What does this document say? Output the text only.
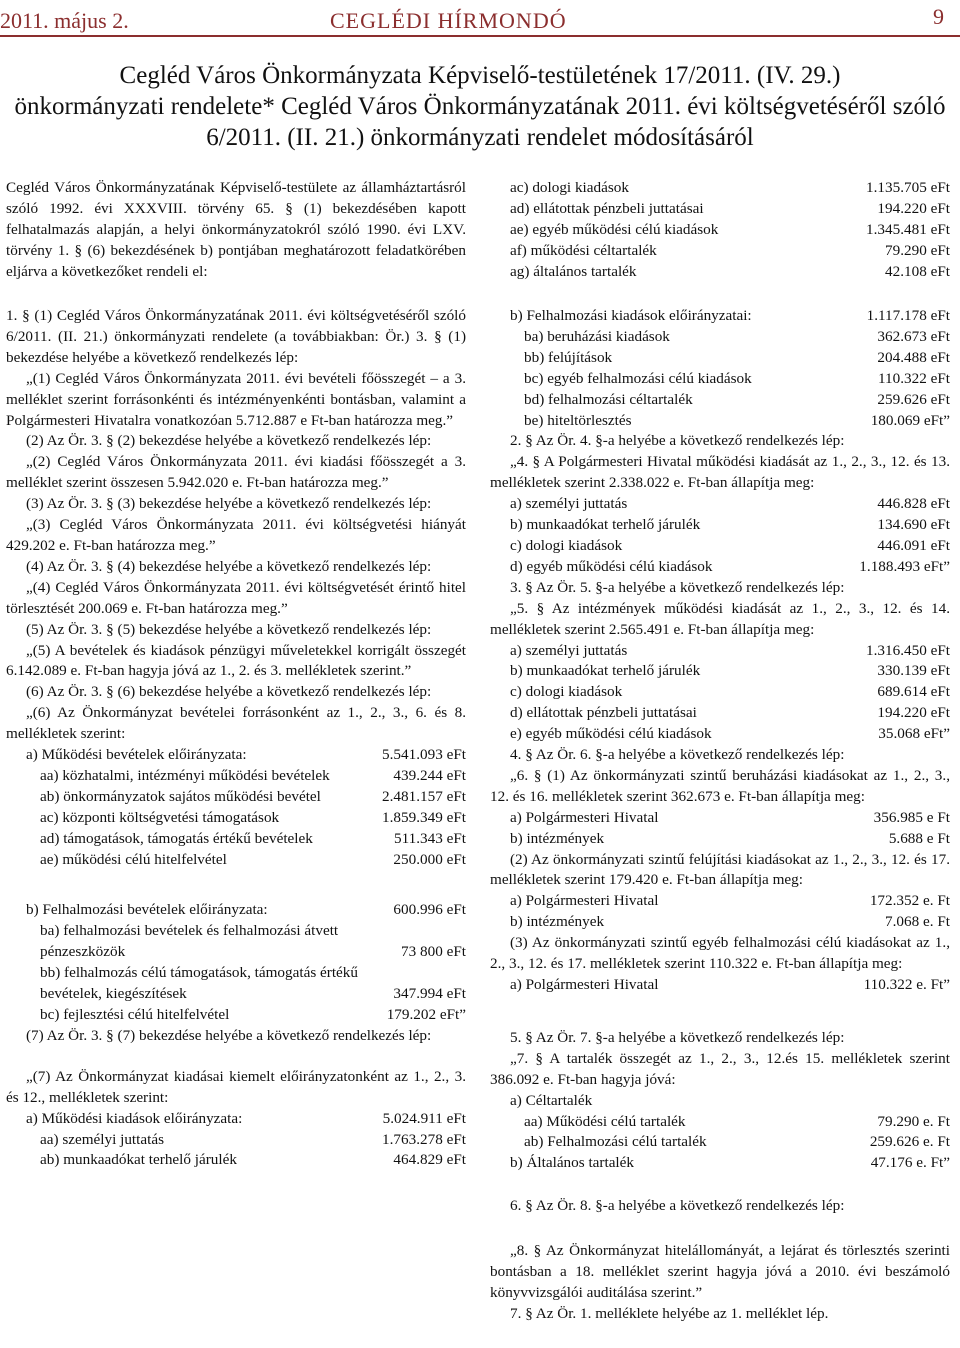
2011. május 2.	CEGLÉDI HÍRMONDÓ	9
Cegléd Város Önkormányzata Képviselő-testületének 17/2011. (IV. 29.)
önkormányzati rendelete* Cegléd Város Önkormányzatának 2011. évi költségvetéséről szóló
6/2011. (II. 21.) önkormányzati rendelet módosításáról
Cegléd Város Önkormányzatának Képviselő-testülete az államháztartásról szóló 1992. évi XXXVIII. törvény 65. § (1) bekezdésében kapott felhatalmazás alapján, a helyi önkormányzatokról szóló 1990. évi LXV. törvény 1. § (6) bekezdésének b) pontjában meghatározott feladatkörében eljárva a következőket rendeli el:
ac) dologi kiadások	1.135.705 eFt
ad) ellátottak pénzbeli juttatásai	194.220 eFt
ae) egyéb működési célú kiadások	1.345.481 eFt
af) működési céltartalék	79.290 eFt
ag) általános tartalék	42.108 eFt

1. § (1) Cegléd Város Önkormányzatának 2011. évi költségvetéséről szóló 6/2011. (II. 21.) önkormányzati rendelete (a továbbiakban: Ör.) 3. § (1) bekezdése helyébe a következő rendelkezés lép:

„(1) Cegléd Város Önkormányzata 2011. évi bevételi főösszegét – a 3. melléklet szerint forrásonkénti és intézményenkénti bontásban, valamint a Polgármesteri Hivatalra vonatkozóan 5.712.887 e Ft-ban határozza meg.”

(2) Az Ör. 3. § (2) bekezdése helyébe a következő rendelkezés lép:

„(2) Cegléd Város Önkormányzata 2011. évi kiadási főösszegét a 3. melléklet szerint összesen 5.942.020 e. Ft-ban határozza meg.”

(3) Az Ör. 3. § (3) bekezdése helyébe a következő rendelkezés lép:

„(3) Cegléd Város Önkormányzata 2011. évi költségvetési hiányát 429.202 e. Ft-ban határozza meg.”

(4) Az Ör. 3. § (4) bekezdése helyébe a következő rendelkezés lép:

„(4) Cegléd Város Önkormányzata 2011. évi költségvetését érintő hitel törlesztését 200.069 e. Ft-ban határozza meg.”

(5) Az Ör. 3. § (5) bekezdése helyébe a következő rendelkezés lép:

„(5) A bevételek és kiadások pénzügyi műveletekkel korrigált összegét 6.142.089 e. Ft-ban hagyja jóvá az 1., 2. és 3. mellékletek szerint.”

(6) Az Ör. 3. § (6) bekezdése helyébe a következő rendelkezés lép:

„(6) Az Önkormányzat bevételei forrásonként az 1., 2., 3., 6. és 8. mellékletek szerint:

a) Működési bevételek előirányzata:	5.541.093 eFt
aa) közhatalmi, intézményi működési bevételek	439.244 eFt
ab) önkormányzatok sajátos működési bevétel	2.481.157 eFt
ac) központi költségvetési támogatások	1.859.349 eFt
ad) támogatások, támogatás értékű bevételek	511.343 eFt
ae) működési célú hitelfelvétel	250.000 eFt
b) Felhalmozási bevételek előirányzata:	600.996 eFt
ba) felhalmozási bevételek és felhalmozási átvett
pénzeszközök	73 800 eFt
bb) felhalmozás célú támogatások, támogatás értékű
bevételek, kiegészítések	347.994 eFt
bc) fejlesztési célú hitelfelvétel	179.202 eFt”

(7) Az Ör. 3. § (7) bekezdése helyébe a következő rendelkezés lép:

„(7) Az Önkormányzat kiadásai kiemelt előirányzatonként az 1., 2., 3. és 12., mellékletek szerint:

a) Működési kiadások előirányzata:	5.024.911 eFt
aa) személyi juttatás	1.763.278 eFt
ab) munkaadókat terhelő járulék	464.829 eFt
b) Felhalmozási kiadások előirányzatai:	1.117.178 eFt
ba) beruházási kiadások	362.673 eFt
bb) felújítások	204.488 eFt
bc) egyéb felhalmozási célú kiadások	110.322 eFt
bd) felhalmozási céltartalék	259.626 eFt
be) hiteltörlesztés	180.069 eFt”

2. § Az Ör. 4. §-a helyébe a következő rendelkezés lép:

„4. § A Polgármesteri Hivatal működési kiadását az 1., 2., 3., 12. és 13. mellékletek szerint 2.338.022 e. Ft-ban állapítja meg:

a) személyi juttatás	446.828 eFt
b) munkaadókat terhelő járulék	134.690 eFt
c) dologi kiadások	446.091 eFt
d) egyéb működési célú kiadások	1.188.493 eFt”

3. § Az Ör. 5. §-a helyébe a következő rendelkezés lép:

„5. § Az intézmények működési kiadását az 1., 2., 3., 12. és 14. mellékletek szerint 2.565.491 e. Ft-ban állapítja meg:

a) személyi juttatás	1.316.450 eFt
b) munkaadókat terhelő járulék	330.139 eFt
c) dologi kiadások	689.614 eFt
d) ellátottak pénzbeli juttatásai	194.220 eFt
e) egyéb működési célú kiadások	35.068 eFt”

4. § Az Ör. 6. §-a helyébe a következő rendelkezés lép:

„6. § (1) Az önkormányzati szintű beruházási kiadásokat az 1., 2., 3., 12. és 16. mellékletek szerint 362.673 e. Ft-ban állapítja meg:

a) Polgármesteri Hivatal	356.985 e Ft
b) intézmények	5.688 e Ft

(2) Az önkormányzati szintű felújítási kiadásokat az 1., 2., 3., 12. és 17. mellékletek szerint 179.420 e. Ft-ban állapítja meg:

a) Polgármesteri Hivatal	172.352 e. Ft
b) intézmények	7.068 e. Ft

(3) Az önkormányzati szintű egyéb felhalmozási célú kiadásokat az 1., 2., 3., 12. és 17. mellékletek szerint 110.322 e. Ft-ban állapítja meg:

a) Polgármesteri Hivatal	110.322 e. Ft”

5. § Az Ör. 7. §-a helyébe a következő rendelkezés lép:

„7. § A tartalék összegét az 1., 2., 3., 12.és 15. mellékletek szerint 386.092 e. Ft-ban hagyja jóvá:

a) Céltartalék
aa) Működési célú tartalék	79.290 e. Ft
ab) Felhalmozási célú tartalék	259.626 e. Ft
b) Általános tartalék	47.176 e. Ft”

6. § Az Ör. 8. §-a helyébe a következő rendelkezés lép:

„8. § Az Önkormányzat hitelállományát, a lejárat és törlesztés szerinti bontásban a 18. melléklet szerint hagyja jóvá a 2010. évi beszámoló könyvvizsgálói auditálása szerint.”

7. § Az Ör. 1. melléklete helyébe az 1. melléklet lép.
